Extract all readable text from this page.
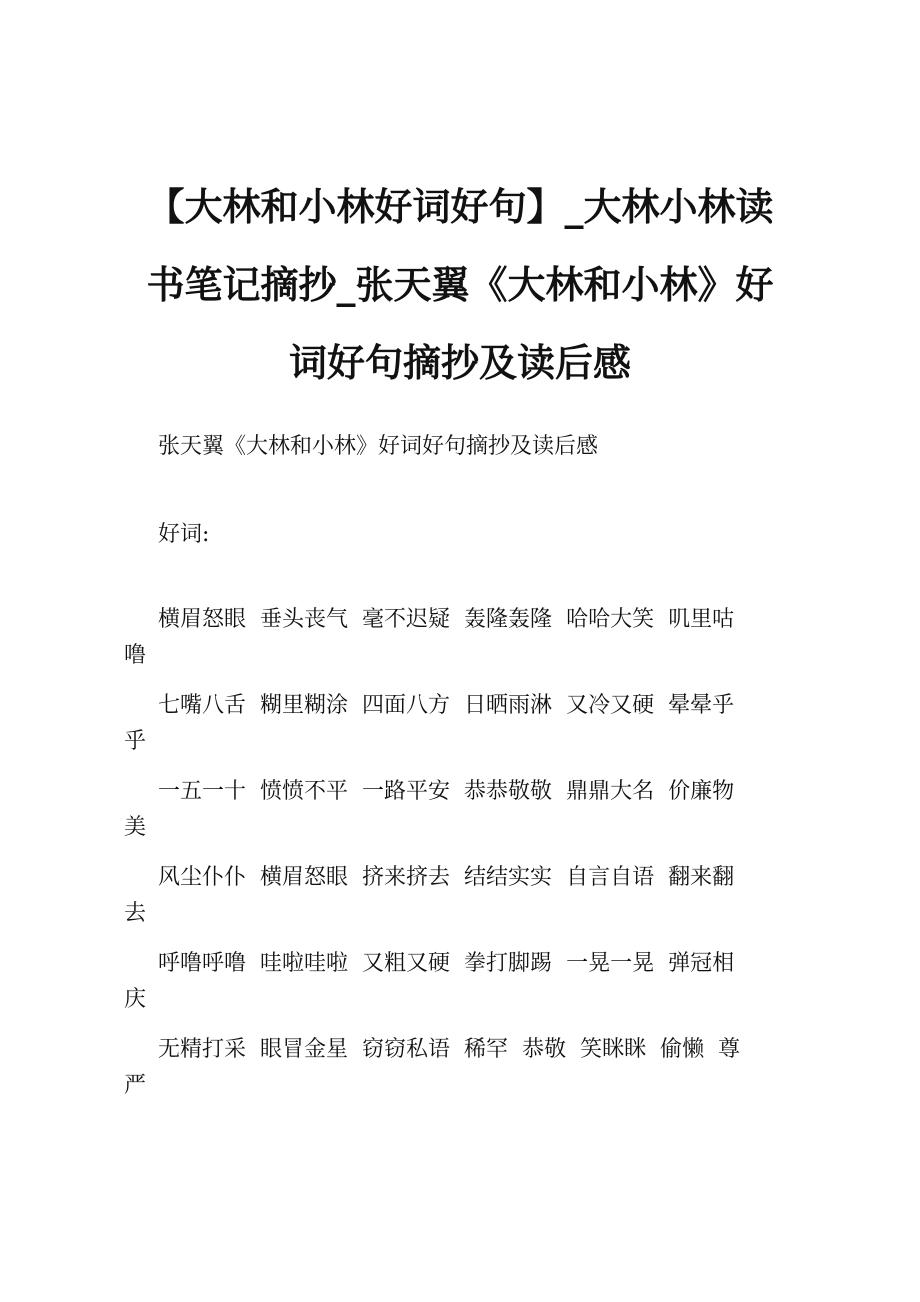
【大林和小林好词好句】_大林小林读
书笔记摘抄_张天翼《大林和小林》好
词好句摘抄及读后感
张天翼《大林和小林》好词好句摘抄及读后感
好词:
横眉怒眼 垂头丧气 毫不迟疑 轰隆轰隆 哈哈大笑 叽里咕
噜
七嘴八舌 糊里糊涂 四面八方 日晒雨淋 又冷又硬 晕晕乎
乎
一五一十 愤愤不平 一路平安 恭恭敬敬 鼎鼎大名 价廉物
美
风尘仆仆 横眉怒眼 挤来挤去 结结实实 自言自语 翻来翻
去
呼噜呼噜 哇啦哇啦 又粗又硬 拳打脚踢 一晃一晃 弹冠相
庆
无精打采 眼冒金星 窃窃私语 稀罕 恭敬 笑眯眯 偷懒 尊
严
